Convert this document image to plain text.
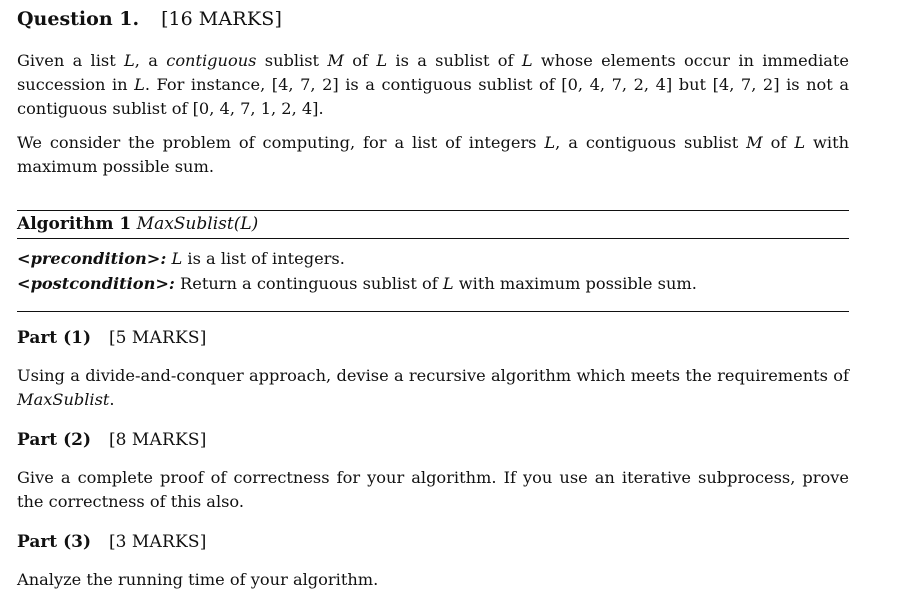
Question 1. [16 MARKS]

Given a list L, a contiguous sublist M of L is a sublist of L whose elements occur in immediate succession in L. For instance, [4, 7, 2] is a contiguous sublist of [0, 4, 7, 2, 4] but [4, 7, 2] is not a contiguous sublist of [0, 4, 7, 1, 2, 4].

We consider the problem of computing, for a list of integers L, a contiguous sublist M of L with maximum possible sum.

Algorithm 1 MaxSublist(L)
<precondition>: L is a list of integers.
<postcondition>: Return a continguous sublist of L with maximum possible sum.
Part (1) [5 MARKS]

Using a divide-and-conquer approach, devise a recursive algorithm which meets the requirements of MaxSublist.

Part (2) [8 MARKS]

Give a complete proof of correctness for your algorithm. If you use an iterative subprocess, prove the correctness of this also.

Part (3) [3 MARKS]

Analyze the running time of your algorithm.
